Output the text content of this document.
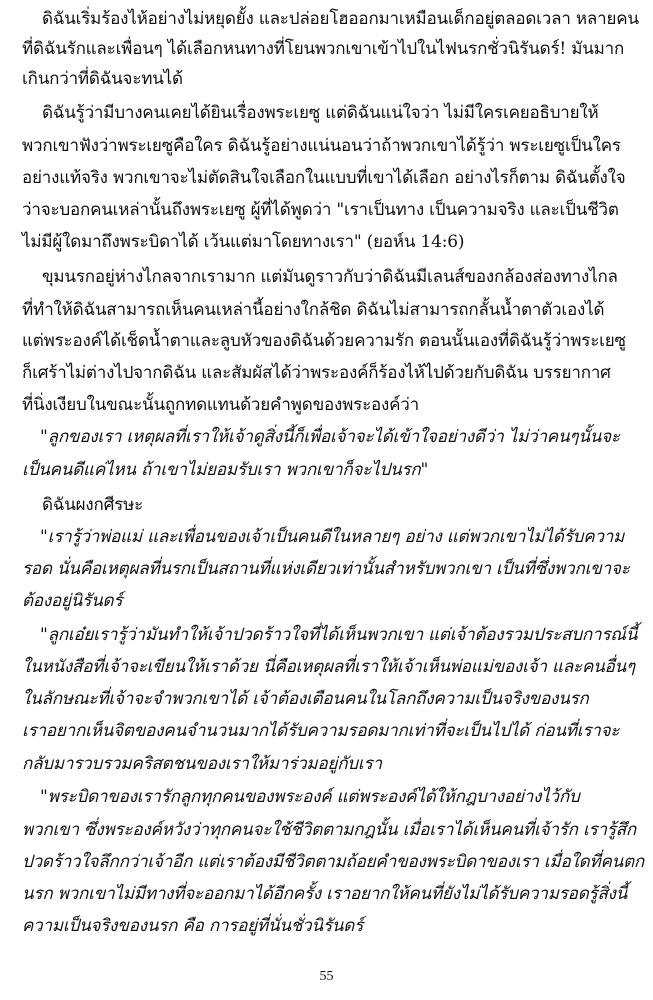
ดิฉันเริ่มร้องไห้อย่างไม่หยุดยั้ง และปล่อยโฮออกมาเหมือนเด็กอยู่ตลอดเวลา หลายคน
ที่ดิฉันรักและเพื่อนๆ ได้เลือกหนทางที่โยนพวกเขาเข้าไปในไฟนรกชั่วนิรันดร์! มันมาก
เกินกว่าที่ดิฉันจะทนได้
ดิฉันรู้ว่ามีบางคนเคยได้ยินเรื่องพระเยซู แต่ดิฉันแน่ใจว่า ไม่มีใครเคยอธิบายให้
พวกเขาฟังว่าพระเยซูคือใคร ดิฉันรู้อย่างแน่นอนว่าถ้าพวกเขาได้รู้ว่า พระเยซูเป็นใคร
อย่างแท้จริง พวกเขาจะไม่ตัดสินใจเลือกในแบบที่เขาได้เลือก อย่างไรก็ตาม ดิฉันตั้งใจ
ว่าจะบอกคนเหล่านั้นถึงพระเยซู ผู้ที่ได้พูดว่า "เราเป็นทาง เป็นความจริง และเป็นชีวิต
ไม่มีผู้ใดมาถึงพระบิดาได้ เว้นแต่มาโดยทางเรา" (ยอห์น 14:6)
ขุมนรกอยู่ห่างไกลจากเรามาก แต่มันดูราวกับว่าดิฉันมีเลนส์ของกล้องส่องทางไกล
ที่ทำให้ดิฉันสามารถเห็นคนเหล่านี้อย่างใกล้ชิด ดิฉันไม่สามารถกลั้นน้ำตาตัวเองได้
แต่พระองค์ได้เช็ดน้ำตาและลูบหัวของดิฉันด้วยความรัก ตอนนั้นเองที่ดิฉันรู้ว่าพระเยซู
ก็เศร้าไม่ต่างไปจากดิฉัน และสัมผัสได้ว่าพระองค์ก็ร้องไห้ไปด้วยกับดิฉัน บรรยากาศ
ที่นิ่งเงียบในขณะนั้นถูกทดแทนด้วยคำพูดของพระองค์ว่า
"ลูกของเรา เหตุผลที่เราให้เจ้าดูสิ่งนี้ก็เพื่อเจ้าจะได้เข้าใจอย่างดีว่า ไม่ว่าคนๆนั้นจะ
เป็นคนดีแค่ไหน ถ้าเขาไม่ยอมรับเรา พวกเขาก็จะไปนรก"
ดิฉันผงกศีรษะ
"เรารู้ว่าพ่อแม่ และเพื่อนของเจ้าเป็นคนดีในหลายๆ อย่าง แต่พวกเขาไม่ได้รับความ
รอด นั่นคือเหตุผลที่นรกเป็นสถานที่แห่งเดียวเท่านั้นสำหรับพวกเขา เป็นที่ซึ่งพวกเขาจะ
ต้องอยู่นิรันดร์
"ลูกเอ๋ยเรารู้ว่ามันทำให้เจ้าปวดร้าวใจที่ได้เห็นพวกเขา แต่เจ้าต้องรวมประสบการณ์นี้
ในหนังสือที่เจ้าจะเขียนให้เราด้วย นี่คือเหตุผลที่เราให้เจ้าเห็นพ่อแม่ของเจ้า และคนอื่นๆ
ในลักษณะที่เจ้าจะจำพวกเขาได้ เจ้าต้องเตือนคนในโลกถึงความเป็นจริงของนรก
เราอยากเห็นจิตของคนจำนวนมากได้รับความรอดมากเท่าที่จะเป็นไปได้ ก่อนที่เราจะ
กลับมารวบรวมคริสตชนของเราให้มาร่วมอยู่กับเรา
"พระบิดาของเรารักลูกทุกคนของพระองค์ แต่พระองค์ได้ให้กฎบางอย่างไว้กับ
พวกเขา ซึ่งพระองค์หวังว่าทุกคนจะใช้ชีวิตตามกฎนั้น เมื่อเราได้เห็นคนที่เจ้ารัก เรารู้สึก
ปวดร้าวใจลึกกว่าเจ้าอีก แต่เราต้องมีชีวิตตามถ้อยคำของพระบิดาของเรา เมื่อใดที่คนตก
นรก พวกเขาไม่มีทางที่จะออกมาได้อีกครั้ง เราอยากให้คนที่ยังไม่ได้รับความรอดรู้สิ่งนี้
ความเป็นจริงของนรก คือ การอยู่ที่นั่นชั่วนิรันดร์
55
